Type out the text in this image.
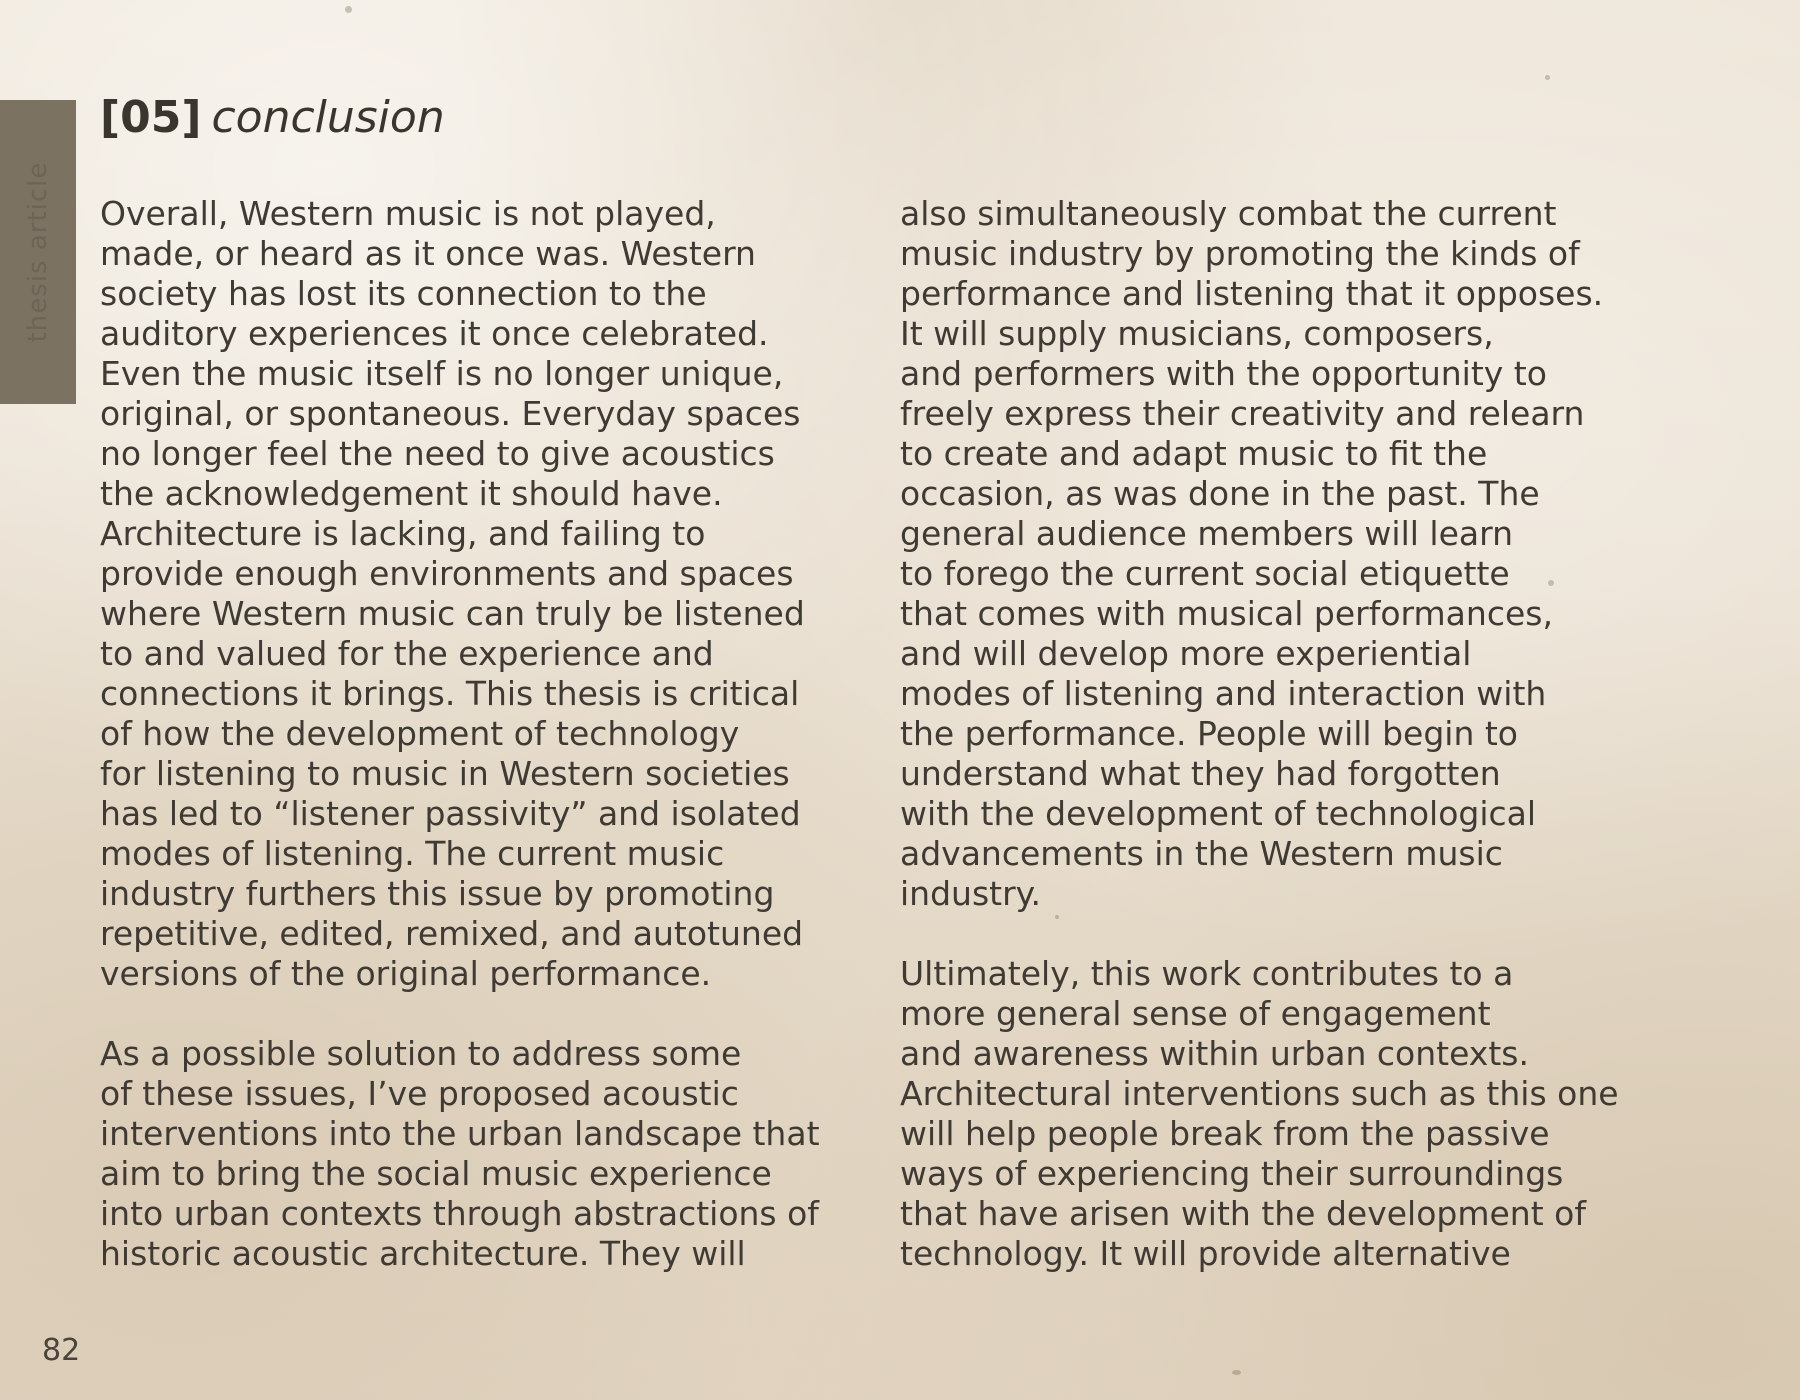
thesis article
[05] conclusion
Overall, Western music is not played,
made, or heard as it once was. Western
society has lost its connection to the
auditory experiences it once celebrated.
Even the music itself is no longer unique,
original, or spontaneous. Everyday spaces
no longer feel the need to give acoustics
the acknowledgement it should have.
Architecture is lacking, and failing to
provide enough environments and spaces
where Western music can truly be listened
to and valued for the experience and
connections it brings. This thesis is critical
of how the development of technology
for listening to music in Western societies
has led to “listener passivity” and isolated
modes of listening. The current music
industry furthers this issue by promoting
repetitive, edited, remixed, and autotuned
versions of the original performance.
As a possible solution to address some
of these issues, I’ve proposed acoustic
interventions into the urban landscape that
aim to bring the social music experience
into urban contexts through abstractions of
historic acoustic architecture. They will
also simultaneously combat the current
music industry by promoting the kinds of
performance and listening that it opposes.
It will supply musicians, composers,
and performers with the opportunity to
freely express their creativity and relearn
to create and adapt music to fit the
occasion, as was done in the past. The
general audience members will learn
to forego the current social etiquette
that comes with musical performances,
and will develop more experiential
modes of listening and interaction with
the performance. People will begin to
understand what they had forgotten
with the development of technological
advancements in the Western music
industry.
Ultimately, this work contributes to a
more general sense of engagement
and awareness within urban contexts.
Architectural interventions such as this one
will help people break from the passive
ways of experiencing their surroundings
that have arisen with the development of
technology. It will provide alternative
82
